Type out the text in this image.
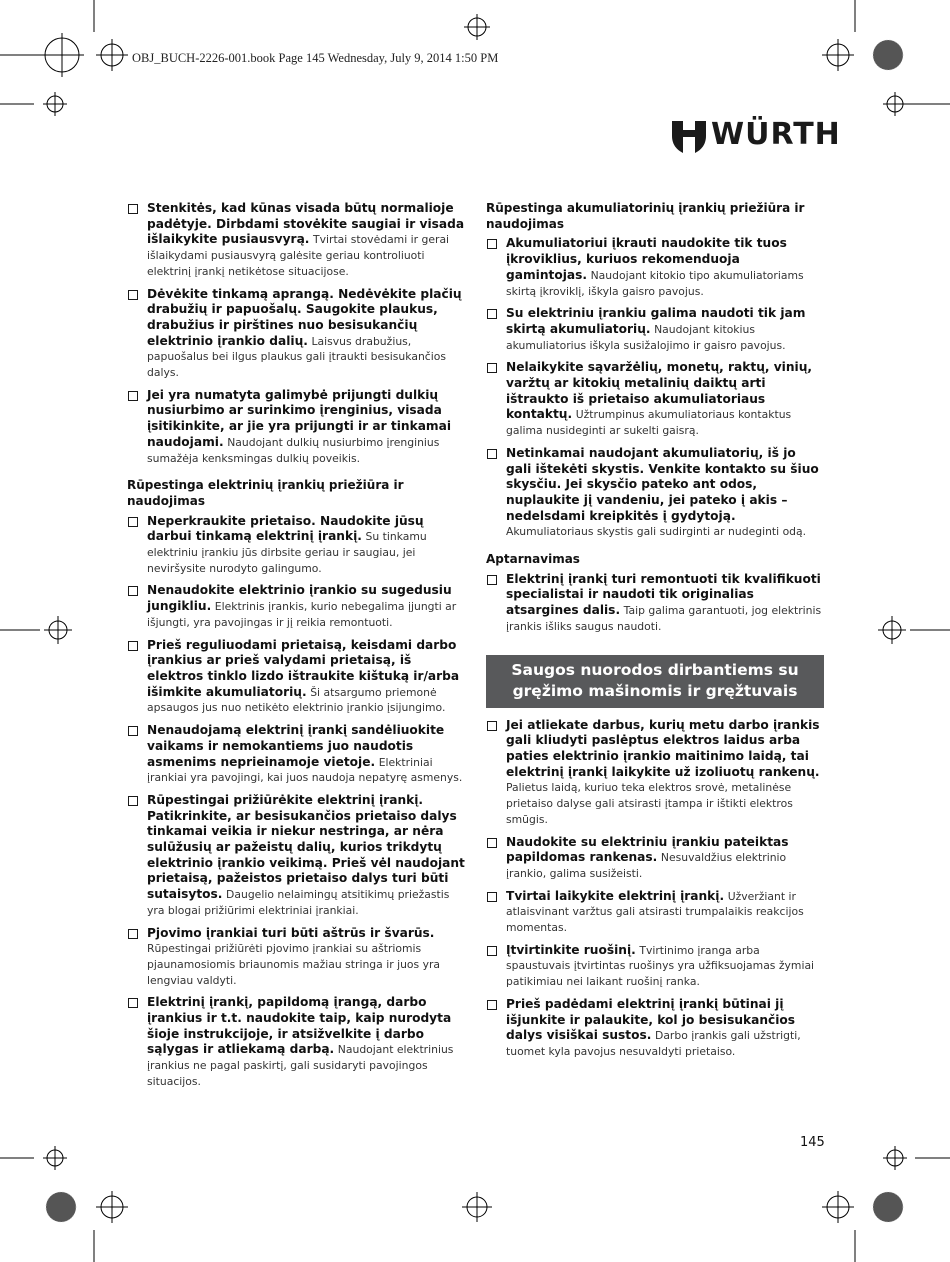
OBJ_BUCH-2226-001.book Page 145 Wednesday, July 9, 2014 1:50 PM
WÜRTH
Stenkitės, kad kūnas visada būtų normalioje padėtyje. Dirbdami stovėkite saugiai ir visada išlaikykite pusiausvyrą. Tvirtai stovėdami ir gerai išlaikydami pusiausvyrą galėsite geriau kontroliuoti elektrinį įrankį netikėtose situacijose.
Dėvėkite tinkamą aprangą. Nedėvėkite plačių drabužių ir papuošalų. Saugokite plaukus, drabužius ir pirštines nuo besisukančių elektrinio įrankio dalių. Laisvus drabužius, papuošalus bei ilgus plaukus gali įtraukti besisukančios dalys.
Jei yra numatyta galimybė prijungti dulkių nusiurbimo ar surinkimo įrenginius, visada įsitikinkite, ar jie yra prijungti ir ar tinkamai naudojami. Naudojant dulkių nusiurbimo įrenginius sumažėja kenksmingas dulkių poveikis.
Rūpestinga elektrinių įrankių priežiūra ir naudojimas
Neperkraukite prietaiso. Naudokite jūsų darbui tinkamą elektrinį įrankį. Su tinkamu elektriniu įrankiu jūs dirbsite geriau ir saugiau, jei neviršysite nurodyto galingumo.
Nenaudokite elektrinio įrankio su sugedusiu jungikliu. Elektrinis įrankis, kurio nebegalima įjungti ar išjungti, yra pavojingas ir jį reikia remontuoti.
Prieš reguliuodami prietaisą, keisdami darbo įrankius ar prieš valydami prietaisą, iš elektros tinklo lizdo ištraukite kištuką ir/arba išimkite akumuliatorių. Ši atsargumo priemonė apsaugos jus nuo netikėto elektrinio įrankio įsijungimo.
Nenaudojamą elektrinį įrankį sandėliuokite vaikams ir nemokantiems juo naudotis asmenims neprieinamoje vietoje. Elektriniai įrankiai yra pavojingi, kai juos naudoja nepatyrę asmenys.
Rūpestingai prižiūrėkite elektrinį įrankį. Patikrinkite, ar besisukančios prietaiso dalys tinkamai veikia ir niekur nestringa, ar nėra sulūžusių ar pažeistų dalių, kurios trikdytų elektrinio įrankio veikimą. Prieš vėl naudojant prietaisą, pažeistos prietaiso dalys turi būti sutaisytos. Daugelio nelaimingų atsitikimų priežastis yra blogai prižiūrimi elektriniai įrankiai.
Pjovimo įrankiai turi būti aštrūs ir švarūs. Rūpestingai prižiūrėti pjovimo įrankiai su aštriomis pjaunamosiomis briaunomis mažiau stringa ir juos yra lengviau valdyti.
Elektrinį įrankį, papildomą įrangą, darbo įrankius ir t.t. naudokite taip, kaip nurodyta šioje instrukcijoje, ir atsižvelkite į darbo sąlygas ir atliekamą darbą. Naudojant elektrinius įrankius ne pagal paskirtį, gali susidaryti pavojingos situacijos.
Rūpestinga akumuliatorinių įrankių priežiūra ir naudojimas
Akumuliatoriui įkrauti naudokite tik tuos įkroviklius, kuriuos rekomenduoja gamintojas. Naudojant kitokio tipo akumuliatoriams skirtą įkroviklį, iškyla gaisro pavojus.
Su elektriniu įrankiu galima naudoti tik jam skirtą akumuliatorių. Naudojant kitokius akumuliatorius iškyla susižalojimo ir gaisro pavojus.
Nelaikykite sąvaržėlių, monetų, raktų, vinių, varžtų ar kitokių metalinių daiktų arti ištraukto iš prietaiso akumuliatoriaus kontaktų. Užtrumpinus akumuliatoriaus kontaktus galima nusideginti ar sukelti gaisrą.
Netinkamai naudojant akumuliatorių, iš jo gali ištekėti skystis. Venkite kontakto su šiuo skysčiu. Jei skysčio pateko ant odos, nuplaukite jį vandeniu, jei pateko į akis – nedelsdami kreipkitės į gydytoją. Akumuliatoriaus skystis gali sudirginti ar nudeginti odą.
Aptarnavimas
Elektrinį įrankį turi remontuoti tik kvalifikuoti specialistai ir naudoti tik originalias atsargines dalis. Taip galima garantuoti, jog elektrinis įrankis išliks saugus naudoti.
Saugos nuorodos dirbantiems su gręžimo mašinomis ir gręžtuvais
Jei atliekate darbus, kurių metu darbo įrankis gali kliudyti paslėptus elektros laidus arba paties elektrinio įrankio maitinimo laidą, tai elektrinį įrankį laikykite už izoliuotų rankenų. Palietus laidą, kuriuo teka elektros srovė, metalinėse prietaiso dalyse gali atsirasti įtampa ir ištikti elektros smūgis.
Naudokite su elektriniu įrankiu pateiktas papildomas rankenas. Nesuvaldžius elektrinio įrankio, galima susižeisti.
Tvirtai laikykite elektrinį įrankį. Užveržiant ir atlaisvinant varžtus gali atsirasti trumpalaikis reakcijos momentas.
Įtvirtinkite ruošinį. Tvirtinimo įranga arba spaustuvais įtvirtintas ruošinys yra užfiksuojamas žymiai patikimiau nei laikant ruošinį ranka.
Prieš padėdami elektrinį įrankį būtinai jį išjunkite ir palaukite, kol jo besisukančios dalys visiškai sustos. Darbo įrankis gali užstrigti, tuomet kyla pavojus nesuvaldyti prietaiso.
145
